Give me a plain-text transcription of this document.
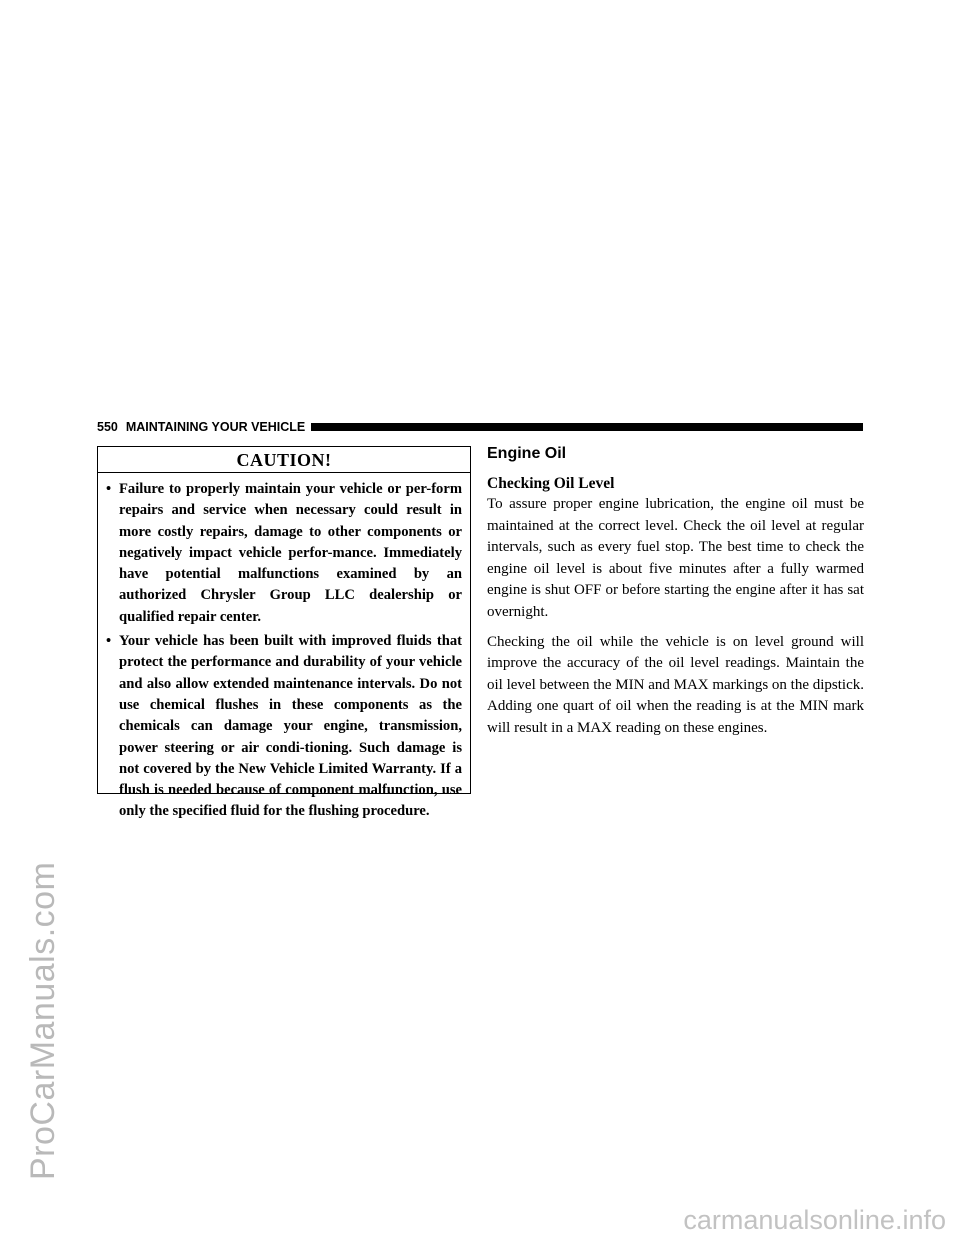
ProCarManuals.com
550 MAINTAINING YOUR VEHICLE
CAUTION!
• Failure to properly maintain your vehicle or per-form repairs and service when necessary could result in more costly repairs, damage to other components or negatively impact vehicle perfor-mance. Immediately have potential malfunctions examined by an authorized Chrysler Group LLC dealership or qualified repair center.
• Your vehicle has been built with improved fluids that protect the performance and durability of your vehicle and also allow extended maintenance intervals. Do not use chemical flushes in these components as the chemicals can damage your engine, transmission, power steering or air condi-tioning. Such damage is not covered by the New Vehicle Limited Warranty. If a flush is needed because of component malfunction, use only the specified fluid for the flushing procedure.
Engine Oil
Checking Oil Level

To assure proper engine lubrication, the engine oil must be maintained at the correct level. Check the oil level at regular intervals, such as every fuel stop. The best time to check the engine oil level is about five minutes after a fully warmed engine is shut OFF or before starting the engine after it has sat overnight.

Checking the oil while the vehicle is on level ground will improve the accuracy of the oil level readings. Maintain the oil level between the MIN and MAX markings on the dipstick. Adding one quart of oil when the reading is at the MIN mark will result in a MAX reading on these engines.

carmanualsonline.info
